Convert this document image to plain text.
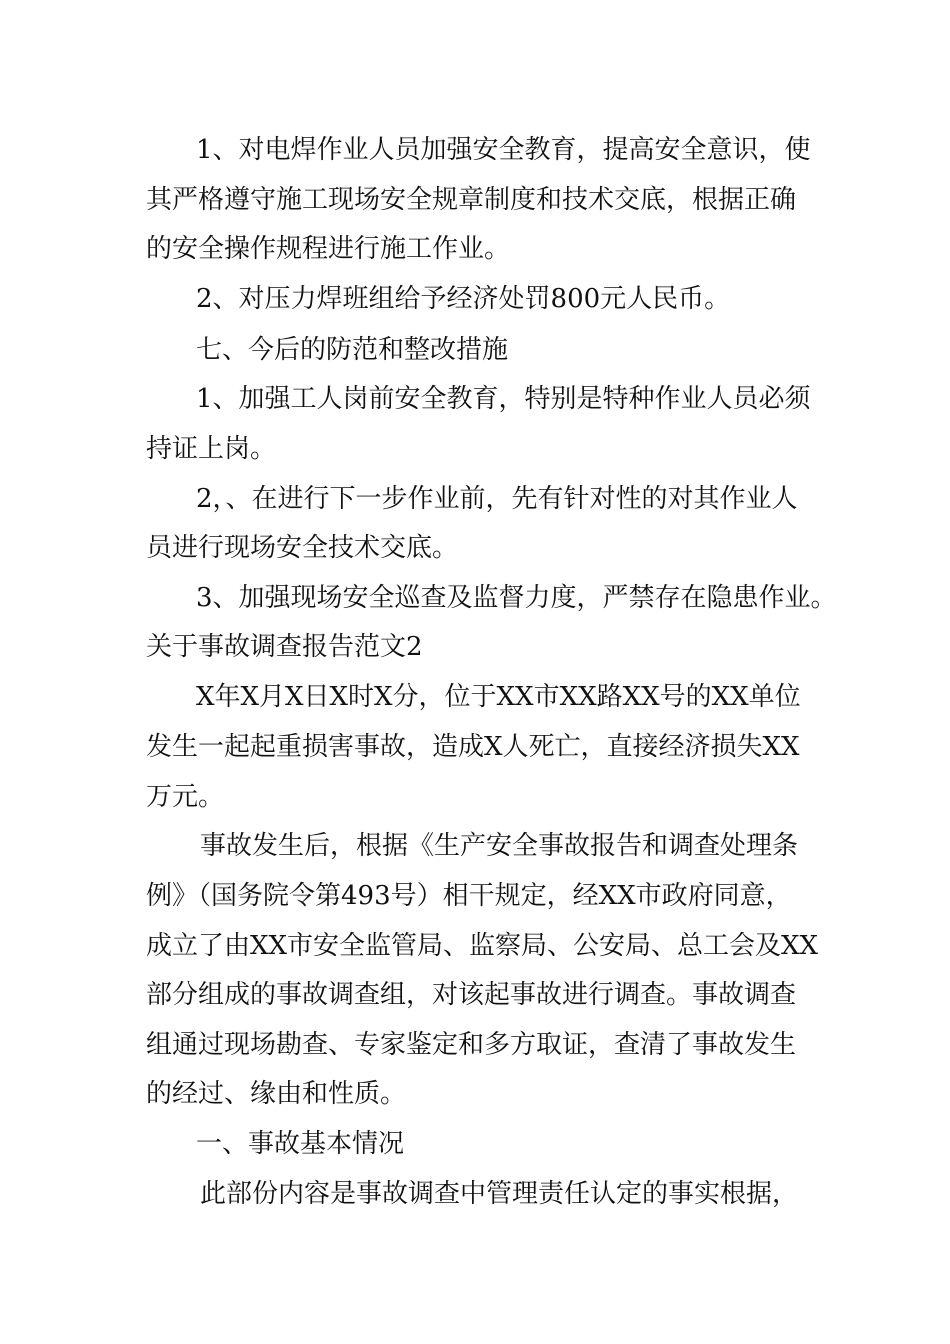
1、对电焊作业人员加强安全教育，提高安全意识，使

其严格遵守施工现场安全规章制度和技术交底，根据正确

的安全操作规程进行施工作业。

2、对压力焊班组给予经济处罚800元人民币。

七、今后的防范和整改措施

1、加强工人岗前安全教育，特别是特种作业人员必须

持证上岗。

2，、在进行下一步作业前，先有针对性的对其作业人

员进行现场安全技术交底。

3、加强现场安全巡查及监督力度，严禁存在隐患作业。

关于事故调查报告范文2

X年X月X日X时X分，位于XX市XX路XX号的XX单位

发生一起起重损害事故，造成X人死亡，直接经济损失XX

万元。

事故发生后，根据《生产安全事故报告和调查处理条

例》（国务院令第493号）相干规定，经XX市政府同意，

成立了由XX市安全监管局、监察局、公安局、总工会及XX

部分组成的事故调查组，对该起事故进行调查。事故调查

组通过现场勘查、专家鉴定和多方取证，查清了事故发生

的经过、缘由和性质。

一、事故基本情况

此部份内容是事故调查中管理责任认定的事实根据，
